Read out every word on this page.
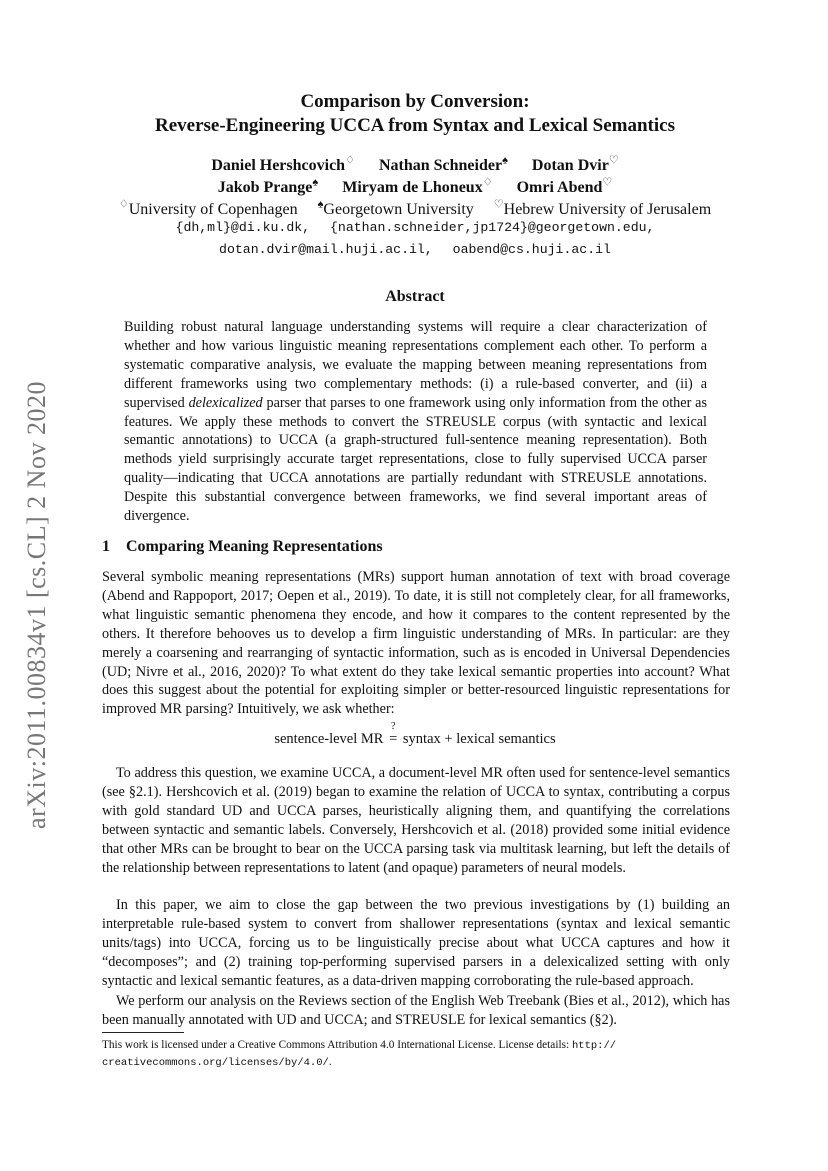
arXiv:2011.00834v1 [cs.CL] 2 Nov 2020
Comparison by Conversion:
Reverse-Engineering UCCA from Syntax and Lexical Semantics
Daniel Hershcovich♢ Nathan Schneider♠ Dotan Dvir♡
Jakob Prange♠ Miryam de Lhoneux♢ Omri Abend♡
♢University of Copenhagen ♠Georgetown University ♡Hebrew University of Jerusalem
{dh,ml}@di.ku.dk, {nathan.schneider,jp1724}@georgetown.edu,
dotan.dvir@mail.huji.ac.il, oabend@cs.huji.ac.il
Abstract

Building robust natural language understanding systems will require a clear characterization of whether and how various linguistic meaning representations complement each other. To perform a systematic comparative analysis, we evaluate the mapping between meaning representations from different frameworks using two complementary methods: (i) a rule-based converter, and (ii) a supervised delexicalized parser that parses to one framework using only information from the other as features. We apply these methods to convert the STREUSLE corpus (with syntactic and lexical semantic annotations) to UCCA (a graph-structured full-sentence meaning representation). Both methods yield surprisingly accurate target representations, close to fully supervised UCCA parser quality—indicating that UCCA annotations are partially redundant with STREUSLE annotations. Despite this substantial convergence between frameworks, we find several important areas of divergence.

1 Comparing Meaning Representations

Several symbolic meaning representations (MRs) support human annotation of text with broad coverage (Abend and Rappoport, 2017; Oepen et al., 2019). To date, it is still not completely clear, for all frameworks, what linguistic semantic phenomena they encode, and how it compares to the content represented by the others. It therefore behooves us to develop a firm linguistic understanding of MRs. In particular: are they merely a coarsening and rearranging of syntactic information, such as is encoded in Universal Dependencies (UD; Nivre et al., 2016, 2020)? To what extent do they take lexical semantic properties into account? What does this suggest about the potential for exploiting simpler or better-resourced linguistic representations for improved MR parsing? Intuitively, we ask whether:

sentence-level MR
?
= syntax + lexical semantics

To address this question, we examine UCCA, a document-level MR often used for sentence-level semantics (see §2.1). Hershcovich et al. (2019) began to examine the relation of UCCA to syntax, contributing a corpus with gold standard UD and UCCA parses, heuristically aligning them, and quantifying the correlations between syntactic and semantic labels. Conversely, Hershcovich et al. (2018) provided some initial evidence that other MRs can be brought to bear on the UCCA parsing task via multitask learning, but left the details of the relationship between representations to latent (and opaque) parameters of neural models.

In this paper, we aim to close the gap between the two previous investigations by (1) building an interpretable rule-based system to convert from shallower representations (syntax and lexical semantic units/tags) into UCCA, forcing us to be linguistically precise about what UCCA captures and how it “decomposes”; and (2) training top-performing supervised parsers in a delexicalized setting with only syntactic and lexical semantic features, as a data-driven mapping corroborating the rule-based approach.

We perform our analysis on the Reviews section of the English Web Treebank (Bies et al., 2012), which has been manually annotated with UD and UCCA; and STREUSLE for lexical semantics (§2).

This work is licensed under a Creative Commons Attribution 4.0 International License. License details: http://
creativecommons.org/licenses/by/4.0/.
